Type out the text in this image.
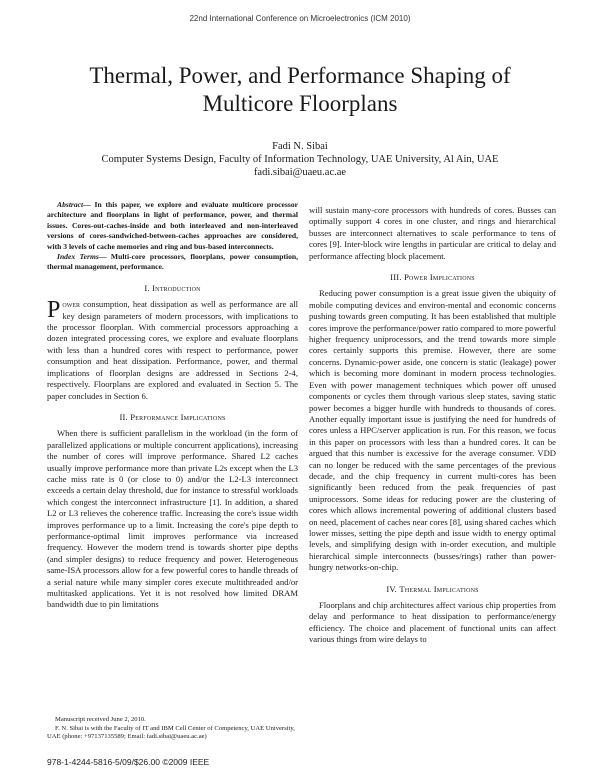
22nd International Conference on Microelectronics (ICM 2010)
Thermal, Power, and Performance Shaping of
Multicore Floorplans
Fadi N. Sibai
Computer Systems Design, Faculty of Information Technology, UAE University, Al Ain, UAE
fadi.sibai@uaeu.ac.ae

Abstract— In this paper, we explore and evaluate multicore processor architecture and floorplans in light of performance, power, and thermal issues. Cores-out-caches-inside and both interleaved and non-interleaved versions of cores-sandwiched-between-caches approaches are considered, with 3 levels of cache memories and ring and bus-based interconnects.

Index Terms— Multi-core processors, floorplans, power consumption, thermal management, performance.

I. Introduction

Power consumption, heat dissipation as well as performance are all key design parameters of modern processors, with implications to the processor floorplan. With commercial processors approaching a dozen integrated processing cores, we explore and evaluate floorplans with less than a hundred cores with respect to performance, power consumption and heat dissipation. Performance, power, and thermal implications of floorplan designs are addressed in Sections 2-4, respectively. Floorplans are explored and evaluated in Section 5. The paper concludes in Section 6.

II. Performance Implications

When there is sufficient parallelism in the workload (in the form of parallelized applications or multiple concurrent applications), increasing the number of cores will improve performance. Shared L2 caches usually improve performance more than private L2s except when the L3 cache miss rate is 0 (or close to 0) and/or the L2-L3 interconnect exceeds a certain delay threshold, due for instance to stressful workloads which congest the interconnect infrastructure [1]. In addition, a shared L2 or L3 relieves the coherence traffic. Increasing the core's issue width improves performance up to a limit. Increasing the core's pipe depth to performance-optimal limit improves performance via increased frequency. However the modern trend is towards shorter pipe depths (and simpler designs) to reduce frequency and power. Heterogeneous same-ISA processors allow for a few powerful cores to handle threads of a serial nature while many simpler cores execute multithreaded and/or multitasked applications. Yet it is not resolved how limited DRAM bandwidth due to pin limitations

Manuscript received June 2, 2010.

F. N. Sibai is with the Faculty of IT and IBM Cell Center of Competency, UAE University, UAE (phone: +97137135589; Email: fadi.sibai@uaeu.ac.ae)

will sustain many-core processors with hundreds of cores. Busses can optimally support 4 cores in one cluster, and rings and hierarchical busses are interconnect alternatives to scale performance to tens of cores [9]. Inter-block wire lengths in particular are critical to delay and performance affecting block placement.

III. Power Implications

Reducing power consumption is a great issue given the ubiquity of mobile computing devices and environ-mental and economic concerns pushing towards green computing. It has been established that multiple cores improve the performance/power ratio compared to more powerful higher frequency uniprocessors, and the trend towards more simple cores certainly supports this premise. However, there are some concerns. Dynamic-power aside, one concern is static (leakage) power which is becoming more dominant in modern process technologies. Even with power management techniques which power off unused components or cycles them through various sleep states, saving static power becomes a bigger hurdle with hundreds to thousands of cores. Another equally important issue is justifying the need for hundreds of cores unless a HPC/server application is run. For this reason, we focus in this paper on processors with less than a hundred cores. It can be argued that this number is excessive for the average consumer. VDD can no longer be reduced with the same percentages of the previous decade, and the chip frequency in current multi-cores has been significantly been reduced from the peak frequencies of past uniprocessors. Some ideas for reducing power are the clustering of cores which allows incremental powering of additional clusters based on need, placement of caches near cores [8], using shared caches which lower misses, setting the pipe depth and issue width to energy optimal levels, and simplifying design with in-order execution, and multiple hierarchical simple interconnects (busses/rings) rather than power-hungry networks-on-chip.

IV. Thermal Implications

Floorplans and chip architectures affect various chip properties from delay and performance to heat dissipation to performance/energy efficiency. The choice and placement of functional units can affect various things from wire delays to

978-1-4244-5816-5/09/$26.00 ©2009 IEEE
